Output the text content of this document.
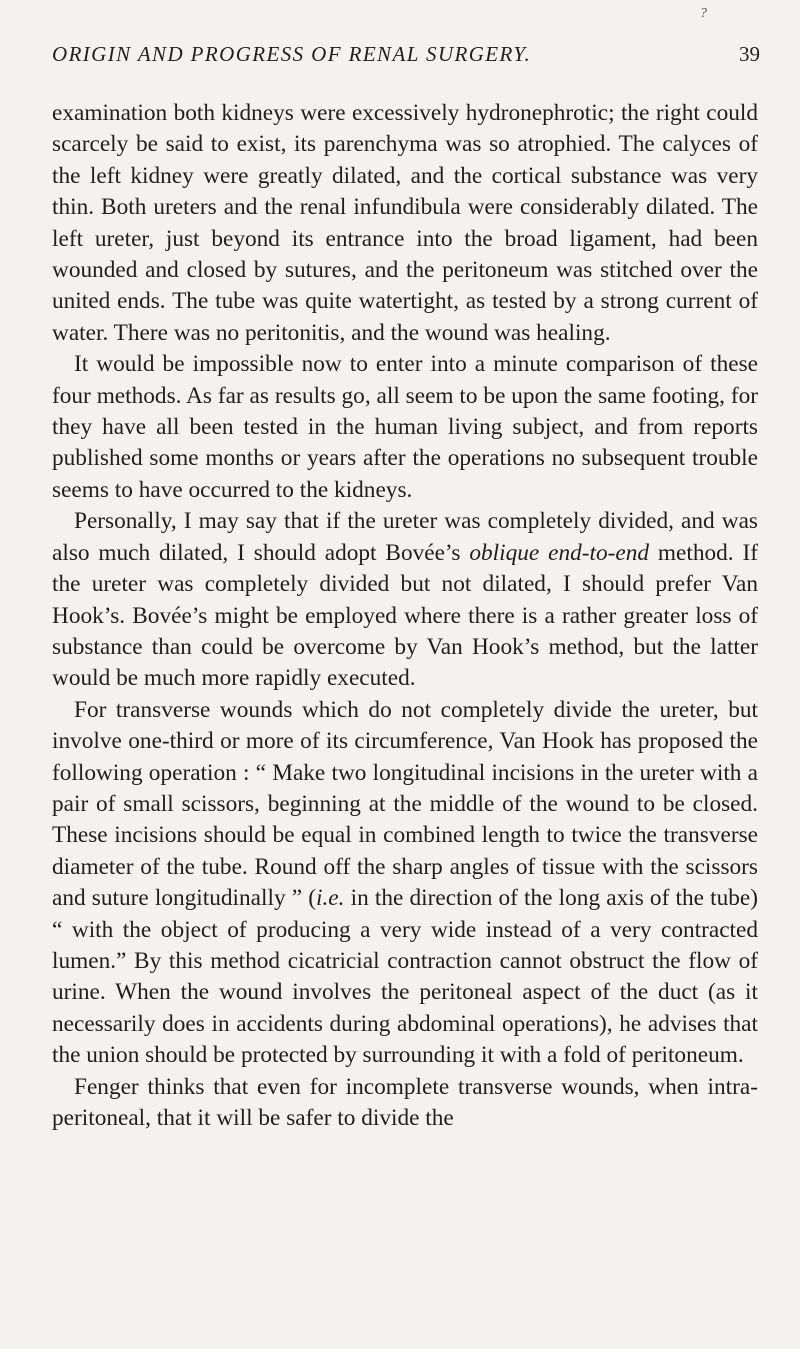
ORIGIN AND PROGRESS OF RENAL SURGERY.	39

examination both kidneys were excessively hydronephrotic; the right could scarcely be said to exist, its parenchyma was so atrophied. The calyces of the left kidney were greatly dilated, and the cortical substance was very thin. Both ureters and the renal infundibula were considerably dilated. The left ureter, just beyond its entrance into the broad ligament, had been wounded and closed by sutures, and the peritoneum was stitched over the united ends. The tube was quite watertight, as tested by a strong current of water. There was no peritonitis, and the wound was healing.

It would be impossible now to enter into a minute comparison of these four methods. As far as results go, all seem to be upon the same footing, for they have all been tested in the human living subject, and from reports published some months or years after the operations no subsequent trouble seems to have occurred to the kidneys.

Personally, I may say that if the ureter was completely divided, and was also much dilated, I should adopt Bovée’s oblique end-to-end method. If the ureter was completely divided but not dilated, I should prefer Van Hook’s. Bovée’s might be employed where there is a rather greater loss of substance than could be overcome by Van Hook’s method, but the latter would be much more rapidly executed.

For transverse wounds which do not completely divide the ureter, but involve one-third or more of its circumference, Van Hook has proposed the following operation : “ Make two longitudinal incisions in the ureter with a pair of small scissors, beginning at the middle of the wound to be closed. These incisions should be equal in combined length to twice the transverse diameter of the tube. Round off the sharp angles of tissue with the scissors and suture longitudinally ” (i.e. in the direction of the long axis of the tube) “ with the object of producing a very wide instead of a very contracted lumen.” By this method cicatricial contraction cannot obstruct the flow of urine. When the wound involves the peritoneal aspect of the duct (as it necessarily does in accidents during abdominal operations), he advises that the union should be protected by surrounding it with a fold of peritoneum.

Fenger thinks that even for incomplete transverse wounds, when intra-peritoneal, that it will be safer to divide the

?
